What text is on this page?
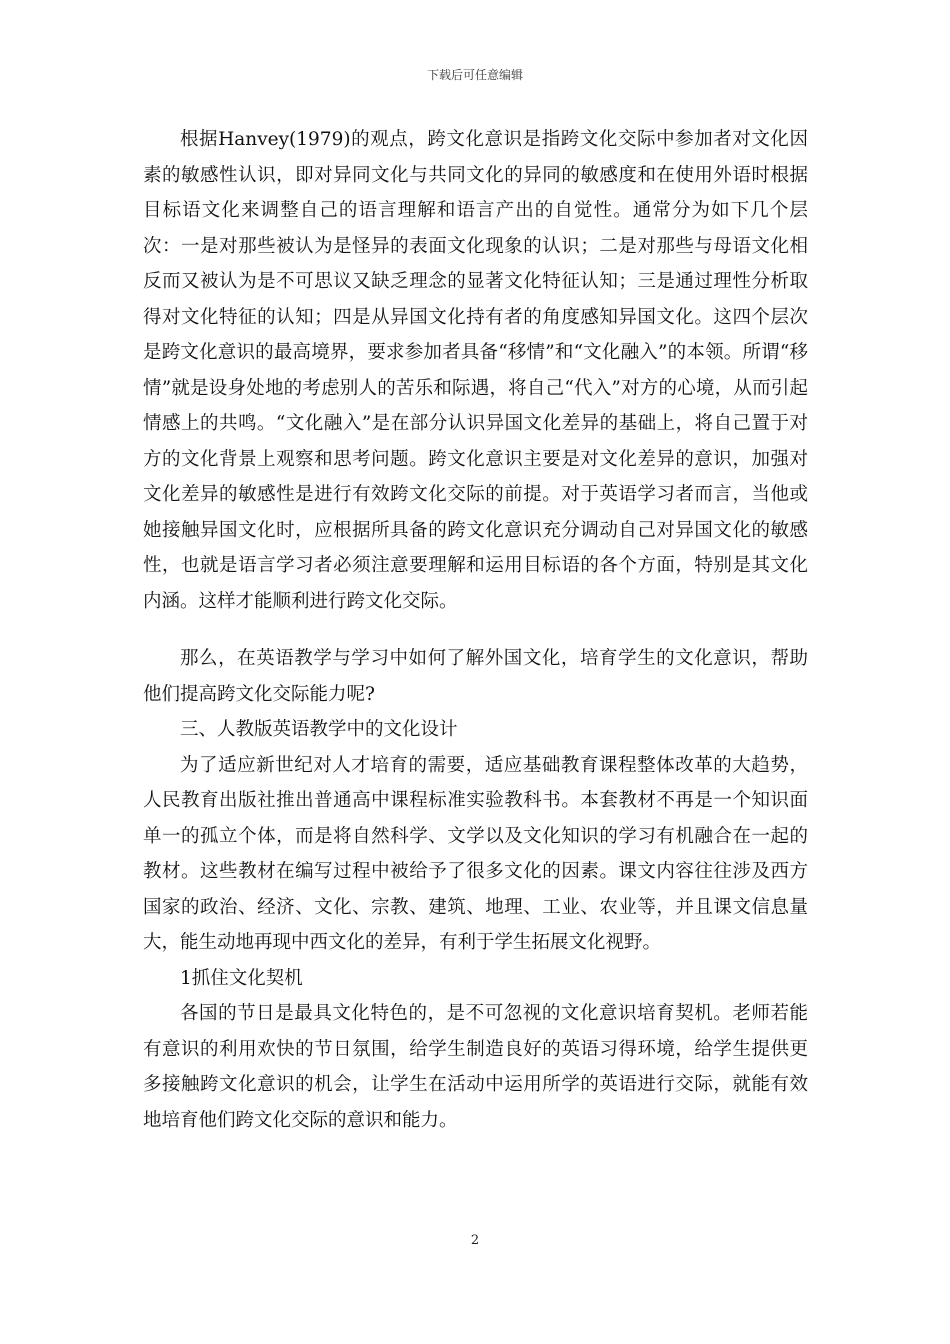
下载后可任意编辑

根据Hanvey(1979)的观点，跨文化意识是指跨文化交际中参加者对文化因素的敏感性认识，即对异同文化与共同文化的异同的敏感度和在使用外语时根据目标语文化来调整自己的语言理解和语言产出的自觉性。通常分为如下几个层次：一是对那些被认为是怪异的表面文化现象的认识；二是对那些与母语文化相反而又被认为是不可思议又缺乏理念的显著文化特征认知；三是通过理性分析取得对文化特征的认知；四是从异国文化持有者的角度感知异国文化。这四个层次是跨文化意识的最高境界，要求参加者具备“移情”和“文化融入”的本领。所谓“移情”就是设身处地的考虑别人的苦乐和际遇，将自己“代入”对方的心境，从而引起情感上的共鸣。“文化融入”是在部分认识异国文化差异的基础上，将自己置于对方的文化背景上观察和思考问题。跨文化意识主要是对文化差异的意识，加强对文化差异的敏感性是进行有效跨文化交际的前提。对于英语学习者而言，当他或她接触异国文化时，应根据所具备的跨文化意识充分调动自己对异国文化的敏感性，也就是语言学习者必须注意要理解和运用目标语的各个方面，特别是其文化内涵。这样才能顺利进行跨文化交际。

那么，在英语教学与学习中如何了解外国文化，培育学生的文化意识，帮助他们提高跨文化交际能力呢?

三、人教版英语教学中的文化设计

为了适应新世纪对人才培育的需要，适应基础教育课程整体改革的大趋势，人民教育出版社推出普通高中课程标准实验教科书。本套教材不再是一个知识面单一的孤立个体，而是将自然科学、文学以及文化知识的学习有机融合在一起的教材。这些教材在编写过程中被给予了很多文化的因素。课文内容往往涉及西方国家的政治、经济、文化、宗教、建筑、地理、工业、农业等，并且课文信息量大，能生动地再现中西文化的差异，有利于学生拓展文化视野。

1抓住文化契机

各国的节日是最具文化特色的，是不可忽视的文化意识培育契机。老师若能有意识的利用欢快的节日氛围，给学生制造良好的英语习得环境，给学生提供更多接触跨文化意识的机会，让学生在活动中运用所学的英语进行交际，就能有效地培育他们跨文化交际的意识和能力。

2
